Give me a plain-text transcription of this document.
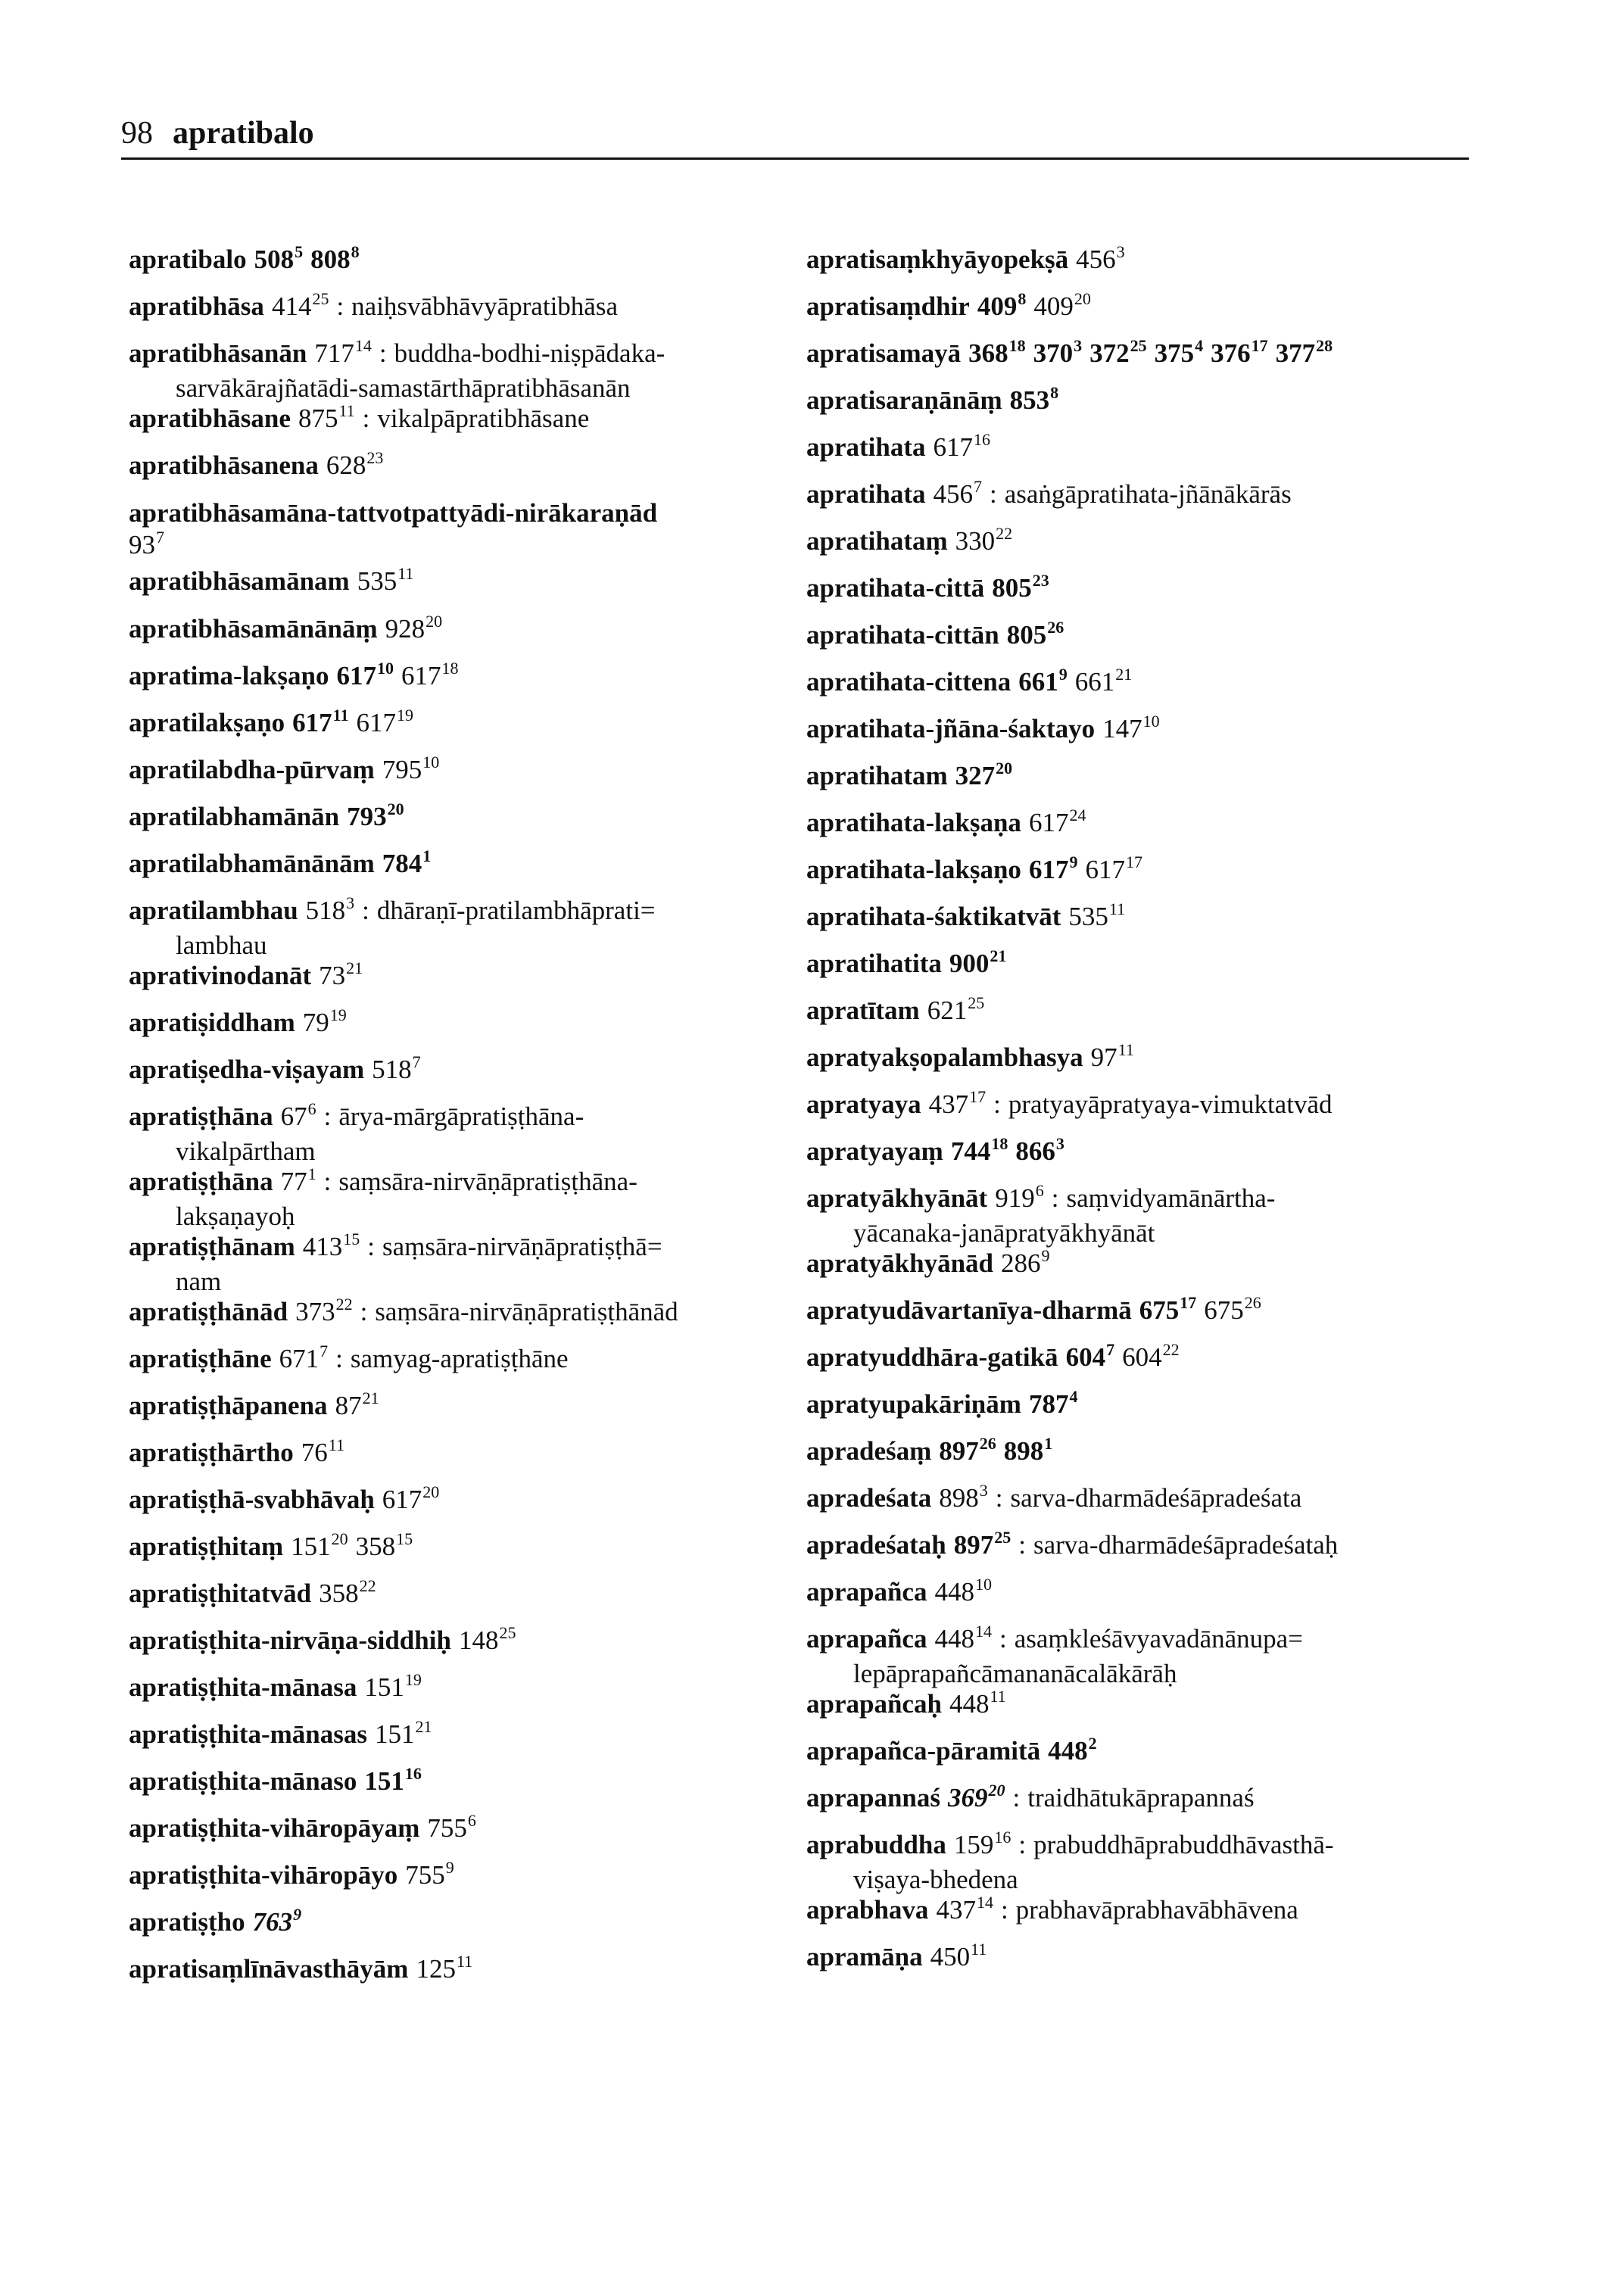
98 apratibalo
apratibalo $508^5$ $808^8$
apratibhāsa $414^{25}$ : naiḥsvābhāvyāpratibhāsa
apratibhāsanān $717^{14}$ : buddha-bodhi-niṣpādaka-
sarvākārajñatādi-samastārthāpratibhāsanān
apratibhāsane $875^{11}$ : vikalpāpratibhāsane
apratibhāsanena $628^{23}$
apratibhāsamāna-tattvotpattyādi-nirākaraṇād
$93^7$
apratibhāsamānam $535^{11}$
apratibhāsamānānāṃ $928^{20}$
apratima-lakṣaṇo $617^{10}$ $617^{18}$
apratilakṣaṇo $617^{11}$ $617^{19}$
apratilabdha-pūrvaṃ $795^{10}$
apratilabhamānān $793^{20}$
apratilabhamānānām $784^1$
apratilambhau $518^3$ : dhāraṇī-pratilambhāprati=
lambhau
aprativinodanāt $73^{21}$
apratiṣiddham $79^{19}$
apratiṣedha-viṣayam $518^7$
apratiṣṭhāna $67^6$ : ārya-mārgāpratiṣṭhāna-
vikalpārtham
apratiṣṭhāna $77^1$ : saṃsāra-nirvāṇāpratiṣṭhāna-
lakṣaṇayoḥ
apratiṣṭhānam $413^{15}$ : saṃsāra-nirvāṇāpratiṣṭhā=
nam
apratiṣṭhānād $373^{22}$ : saṃsāra-nirvāṇāpratiṣṭhānād
apratiṣṭhāne $671^7$ : samyag-apratiṣṭhāne
apratiṣṭhāpanena $87^{21}$
apratiṣṭhārtho $76^{11}$
apratiṣṭhā-svabhāvaḥ $617^{20}$
apratiṣṭhitaṃ $151^{20}$ $358^{15}$
apratiṣṭhitatvād $358^{22}$
apratiṣṭhita-nirvāṇa-siddhiḥ $148^{25}$
apratiṣṭhita-mānasa $151^{19}$
apratiṣṭhita-mānasas $151^{21}$
apratiṣṭhita-mānaso $151^{16}$
apratiṣṭhita-vihāropāyaṃ $755^6$
apratiṣṭhita-vihāropāyo $755^9$
apratiṣṭho $763^9$
apratisaṃlīnāvasthāyām $125^{11}$
apratisaṃkhyāyopekṣā $456^3$
apratisaṃdhir $409^8$ $409^{20}$
apratisamayā $368^{18}$ $370^3$ $372^{25}$ $375^4$ $376^{17}$ $377^{28}$
apratisaraṇānāṃ $853^8$
apratihata $617^{16}$
apratihata $456^7$ : asaṅgāpratihata-jñānākārās
apratihataṃ $330^{22}$
apratihata-cittā $805^{23}$
apratihata-cittān $805^{26}$
apratihata-cittena $661^9$ $661^{21}$
apratihata-jñāna-śaktayo $147^{10}$
apratihatam $327^{20}$
apratihata-lakṣaṇa $617^{24}$
apratihata-lakṣaṇo $617^9$ $617^{17}$
apratihata-śaktikatvāt $535^{11}$
apratihatita $900^{21}$
apratītam $621^{25}$
apratyakṣopalambhasya $97^{11}$
apratyaya $437^{17}$ : pratyayāpratyaya-vimuktatvād
apratyayaṃ $744^{18}$ $866^3$
apratyākhyānāt $919^6$ : saṃvidyamānārtha-
yācanaka-janāpratyākhyānāt
apratyākhyānād $286^9$
apratyudāvartanīya-dharmā $675^{17}$ $675^{26}$
apratyuddhāra-gatikā $604^7$ $604^{22}$
apratyupakāriṇām $787^4$
apradeśaṃ $897^{26}$ $898^1$
apradeśata $898^3$ : sarva-dharmādeśāpradeśata
apradeśataḥ $897^{25}$ : sarva-dharmādeśāpradeśataḥ
aprapañca $448^{10}$
aprapañca $448^{14}$ : asaṃkleśāvyavadānānupa=
lepāprapañcāmananācalākārāḥ
aprapañcaḥ $448^{11}$
aprapañca-pāramitā $448^2$
aprapannaś $369^{20}$ : traidhātukāprapannaś
aprabuddha $159^{16}$ : prabuddhāprabuddhāvasthā-
viṣaya-bhedena
aprabhava $437^{14}$ : prabhavāprabhavābhāvena
apramāṇa $450^{11}$
